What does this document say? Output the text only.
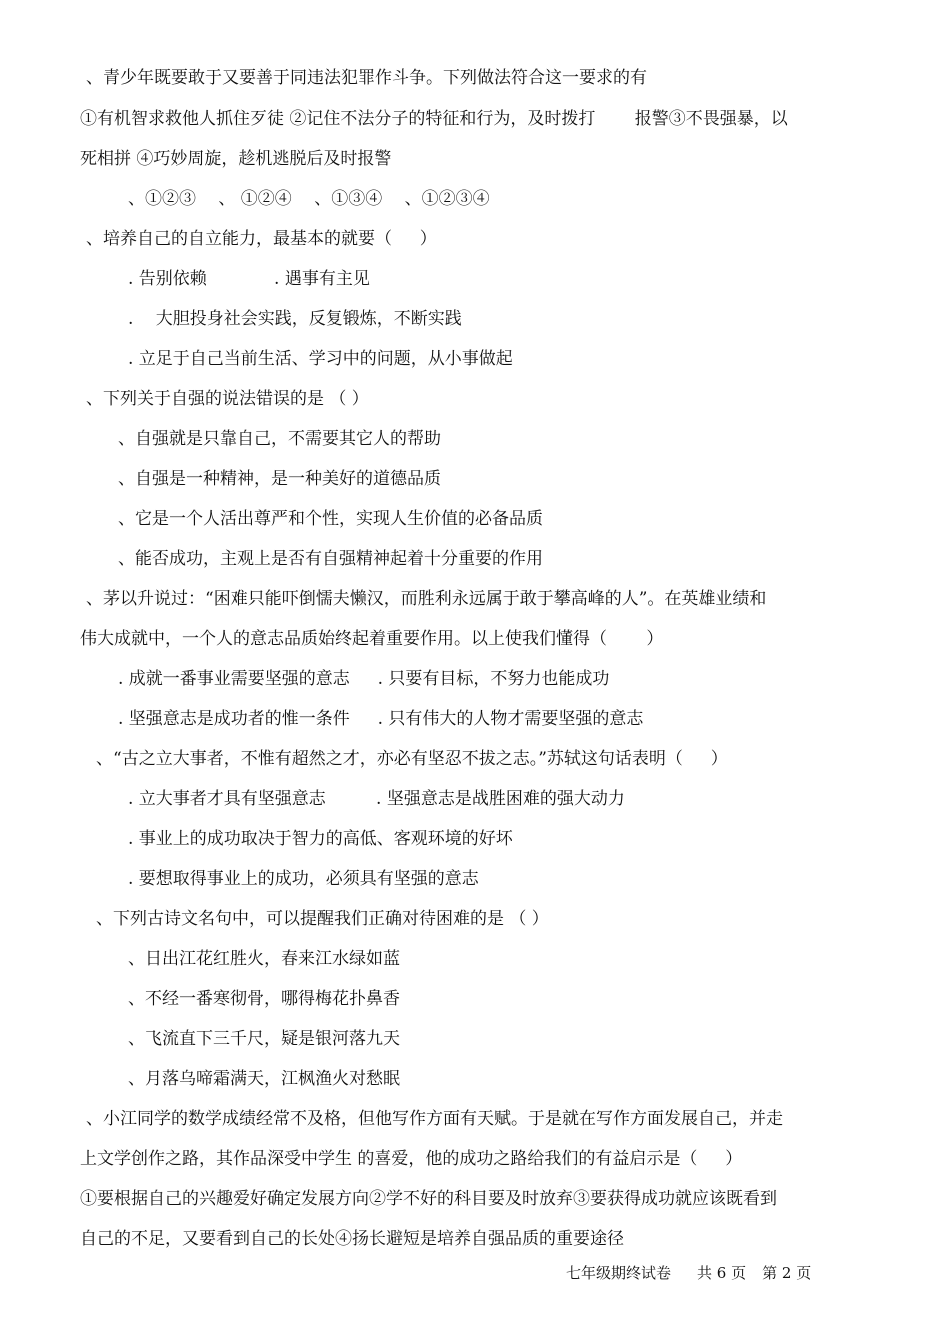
、青少年既要敢于又要善于同违法犯罪作斗争。下列做法符合这一要求的有
①有机智求救他人抓住歹徒 ②记住不法分子的特征和行为，及时拨打 　　报警③不畏强暴，以
死相拼 ④巧妙周旋，趁机逃脱后及时报警
、①②③ 　、 ①②④ 　、①③④ 　、①②③④
、培养自己的自立能力，最基本的就要（ 　 ）
. 告别依赖 　 　 　. 遇事有主见
. 　大胆投身社会实践，反复锻炼，不断实践
. 立足于自己当前生活、学习中的问题，从小事做起
、下列关于自强的说法错误的是 （ ）
、自强就是只靠自己，不需要其它人的帮助
、自强是一种精神，是一种美好的道德品质
、它是一个人活出尊严和个性，实现人生价值的必备品质
、能否成功，主观上是否有自强精神起着十分重要的作用
、茅以升说过：“困难只能吓倒懦夫懒汉，而胜利永远属于敢于攀高峰的人”。在英雄业绩和
伟大成就中，一个人的意志品质始终起着重要作用。以上使我们懂得（ 　　）
. 成就一番事业需要坚强的意志 　 . 只要有目标，不努力也能成功
. 坚强意志是成功者的惟一条件 　 . 只有伟大的人物才需要坚强的意志
、“古之立大事者，不惟有超然之才，亦必有坚忍不拔之志。”苏轼这句话表明（ 　 ）
. 立大事者才具有坚强意志 　 　 . 坚强意志是战胜困难的强大动力
. 事业上的成功取决于智力的高低、客观环境的好坏
. 要想取得事业上的成功，必须具有坚强的意志
、下列古诗文名句中，可以提醒我们正确对待困难的是 （ ）
、日出江花红胜火，春来江水绿如蓝
、不经一番寒彻骨，哪得梅花扑鼻香
、飞流直下三千尺，疑是银河落九天
、月落乌啼霜满天，江枫渔火对愁眠
、小江同学的数学成绩经常不及格，但他写作方面有天赋。于是就在写作方面发展自己，并走
上文学创作之路，其作品深受中学生 的喜爱，他的成功之路给我们的有益启示是（ 　 ）
①要根据自己的兴趣爱好确定发展方向②学不好的科目要及时放弃③要获得成功就应该既看到
自己的不足，又要看到自己的长处④扬长避短是培养自强品质的重要途径
七年级期终试卷 共 6 页 第 2 页
